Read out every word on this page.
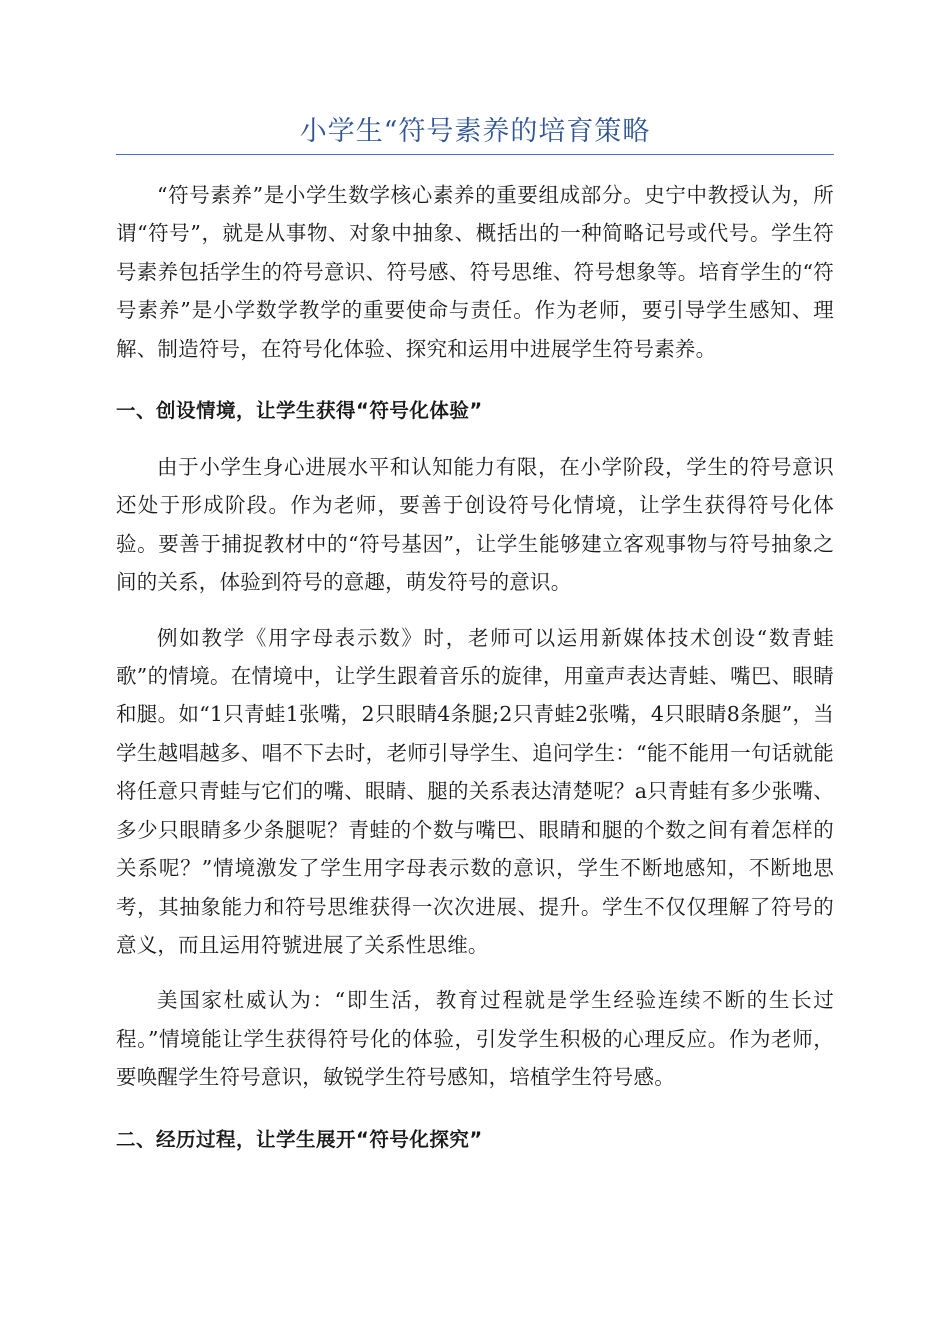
小学生“符号素养的培育策略

“符号素养”是小学生数学核心素养的重要组成部分。史宁中教授认为，所谓“符号”，就是从事物、对象中抽象、概括出的一种简略记号或代号。学生符号素养包括学生的符号意识、符号感、符号思维、符号想象等。培育学生的“符号素养”是小学数学教学的重要使命与责任。作为老师，要引导学生感知、理解、制造符号，在符号化体验、探究和运用中进展学生符号素养。

一、创设情境，让学生获得“符号化体验”

由于小学生身心进展水平和认知能力有限，在小学阶段，学生的符号意识还处于形成阶段。作为老师，要善于创设符号化情境，让学生获得符号化体验。要善于捕捉教材中的“符号基因”，让学生能够建立客观事物与符号抽象之间的关系，体验到符号的意趣，萌发符号的意识。

例如教学《用字母表示数》时，老师可以运用新媒体技术创设“数青蛙歌”的情境。在情境中，让学生跟着音乐的旋律，用童声表达青蛙、嘴巴、眼睛和腿。如“1只青蛙1张嘴，2只眼睛4条腿;2只青蛙2张嘴，4只眼睛8条腿”，当学生越唱越多、唱不下去时，老师引导学生、追问学生：“能不能用一句话就能将任意只青蛙与它们的嘴、眼睛、腿的关系表达清楚呢？a只青蛙有多少张嘴、多少只眼睛多少条腿呢？青蛙的个数与嘴巴、眼睛和腿的个数之间有着怎样的关系呢？”情境激发了学生用字母表示数的意识，学生不断地感知，不断地思考，其抽象能力和符号思维获得一次次进展、提升。学生不仅仅理解了符号的意义，而且运用符號进展了关系性思维。

美国家杜威认为：“即生活，教育过程就是学生经验连续不断的生长过程。”情境能让学生获得符号化的体验，引发学生积极的心理反应。作为老师，要唤醒学生符号意识，敏锐学生符号感知，培植学生符号感。

二、经历过程，让学生展开“符号化探究”
